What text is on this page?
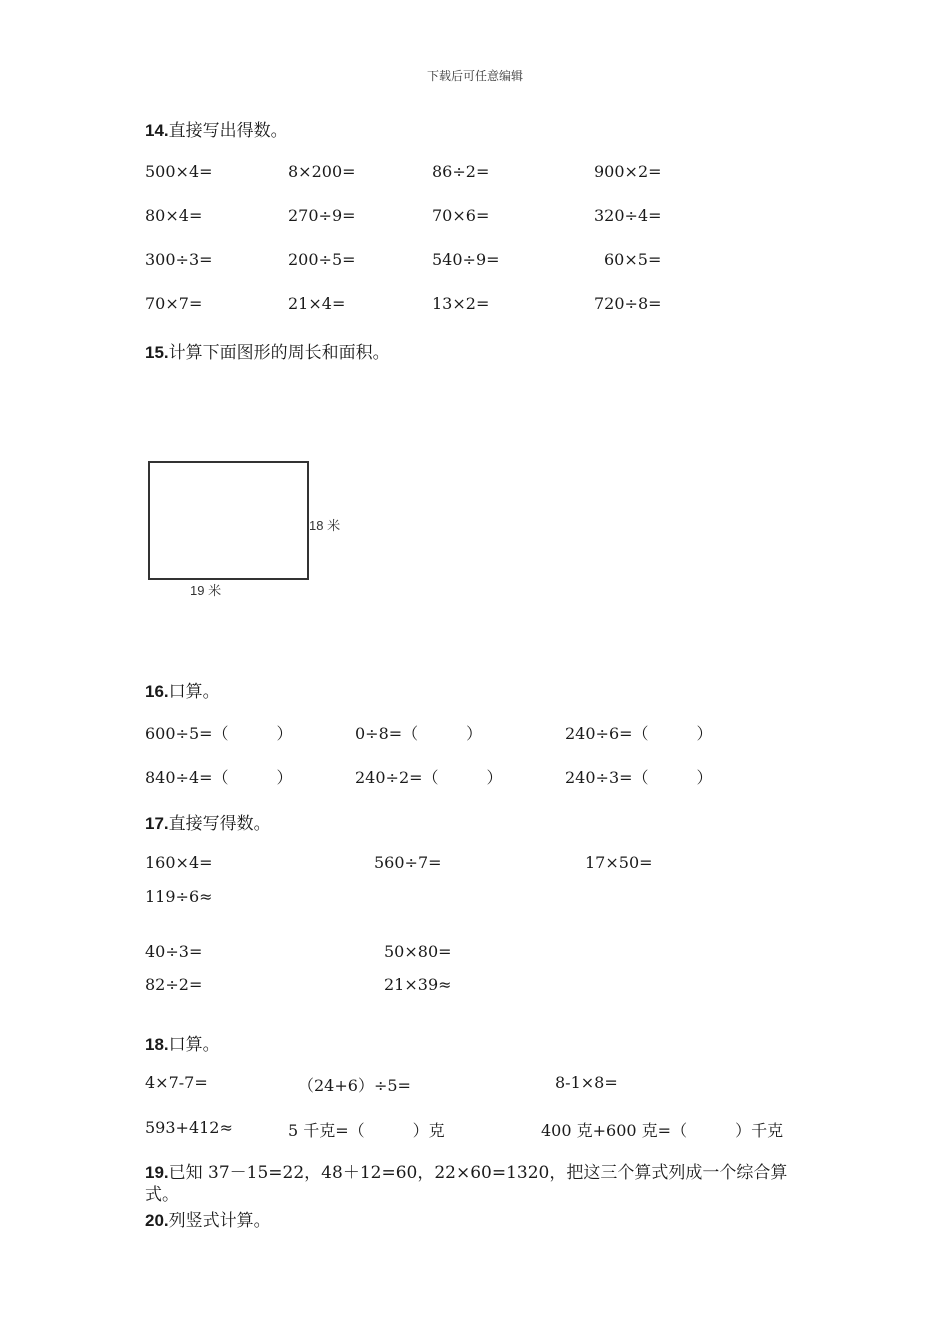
下载后可任意编辑
14.直接写出得数。
500×4=	8×200=	86÷2=	900×2=
80×4=	270÷9=	70×6=	320÷4=
300÷3=	200÷5=	540÷9=	60×5=
70×7=	21×4=	13×2=	720÷8=
15.计算下面图形的周长和面积。
18 米
19 米
16.口算。
600÷5=（　　　）	0÷8=（　　　）	240÷6=（　　　）
840÷4=（　　　）	240÷2=（　　　）	240÷3=（　　　）
17.直接写得数。
160×4=	560÷7=	17×50=
119÷6≈
40÷3=	50×80=
82÷2=	21×39≈
18.口算。
4×7-7=	（24+6）÷5=	8-1×8=
593+412≈	5 千克=（　　　）克	400 克+600 克=（　　　）千克
19.已知 37－15=22，48＋12=60，22×60=1320，把这三个算式列成一个综合算式。
20.列竖式计算。
